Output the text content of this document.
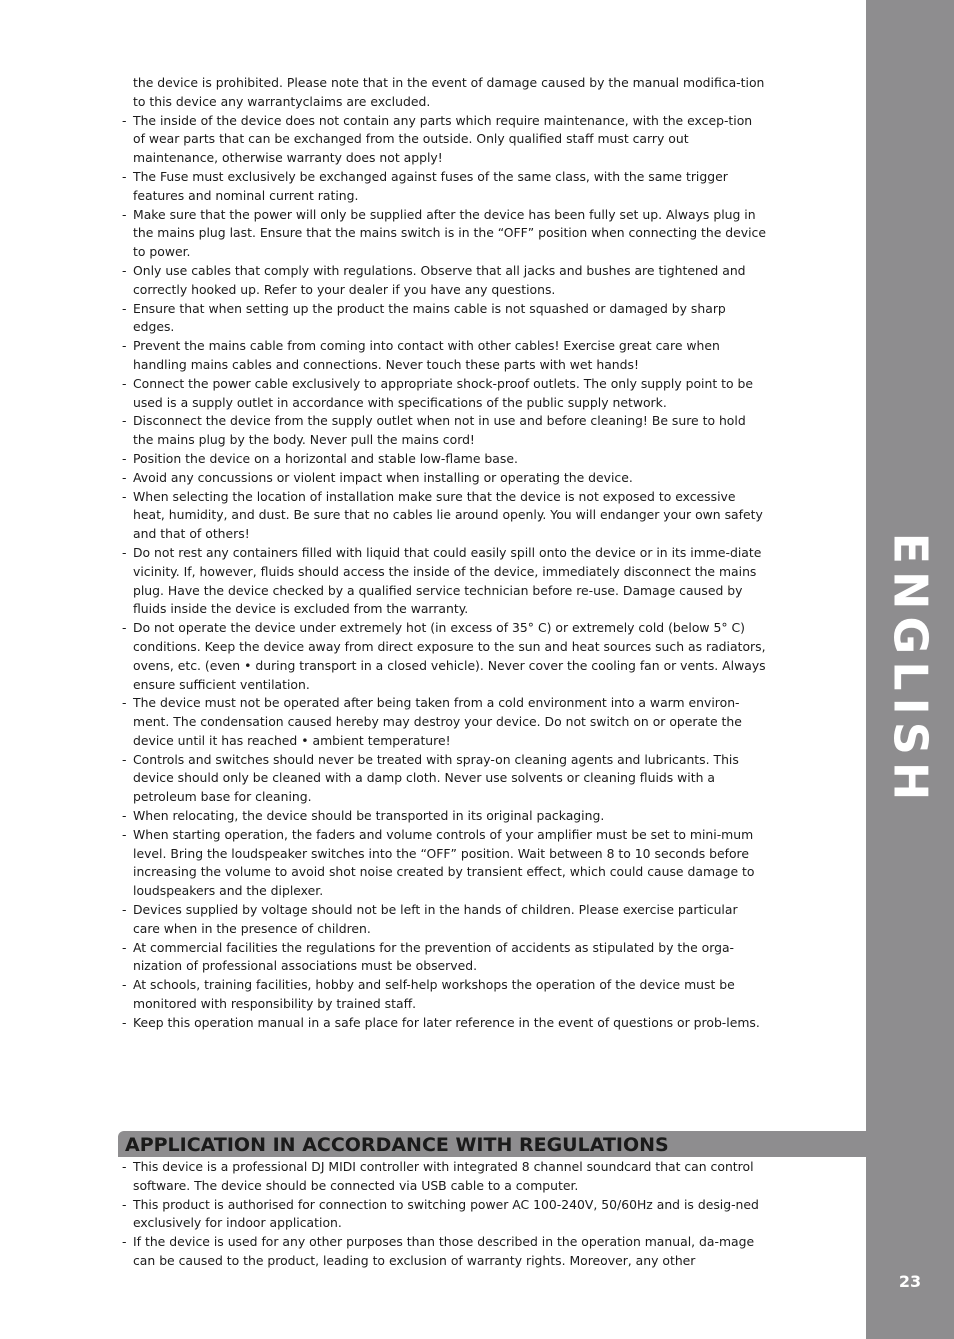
ENGLISH
23
the device is prohibited. Please note that in the event of damage caused by the manual modifica-tion to this device any warrantyclaims are excluded.
- The inside of the device does not contain any parts which require maintenance, with the excep-tion of wear parts that can be exchanged from the outside. Only qualified staff must carry out maintenance, otherwise warranty does not apply!
- The Fuse must exclusively be exchanged against fuses of the same class, with the same trigger features and nominal current rating.
- Make sure that the power will only be supplied after the device has been fully set up. Always plug in the mains plug last. Ensure that the mains switch is in the “OFF” position when connecting the device to power.
- Only use cables that comply with regulations. Observe that all jacks and bushes are tightened and correctly hooked up. Refer to your dealer if you have any questions.
- Ensure that when setting up the product the mains cable is not squashed or damaged by sharp edges.
- Prevent the mains cable from coming into contact with other cables! Exercise great care when handling mains cables and connections. Never touch these parts with wet hands!
- Connect the power cable exclusively to appropriate shock-proof outlets. The only supply point to be used is a supply outlet in accordance with specifications of the public supply network.
- Disconnect the device from the supply outlet when not in use and before cleaning! Be sure to hold the mains plug by the body. Never pull the mains cord!
- Position the device on a horizontal and stable low-flame base.
- Avoid any concussions or violent impact when installing or operating the device.
- When selecting the location of installation make sure that the device is not exposed to excessive heat, humidity, and dust. Be sure that no cables lie around openly. You will endanger your own safety and that of others!
- Do not rest any containers filled with liquid that could easily spill onto the device or in its imme-diate vicinity. If, however, fluids should access the inside of the device, immediately disconnect the mains plug. Have the device checked by a qualified service technician before re-use. Damage caused by fluids inside the device is excluded from the warranty.
- Do not operate the device under extremely hot (in excess of 35° C) or extremely cold (below 5° C) conditions. Keep the device away from direct exposure to the sun and heat sources such as radiators, ovens, etc. (even • during transport in a closed vehicle). Never cover the cooling fan or vents. Always ensure sufficient ventilation.
- The device must not be operated after being taken from a cold environment into a warm environ-ment. The condensation caused hereby may destroy your device. Do not switch on or operate the device until it has reached • ambient temperature!
- Controls and switches should never be treated with spray-on cleaning agents and lubricants. This device should only be cleaned with a damp cloth. Never use solvents or cleaning fluids with a petroleum base for cleaning.
- When relocating, the device should be transported in its original packaging.
- When starting operation, the faders and volume controls of your amplifier must be set to mini-mum level. Bring the loudspeaker switches into the “OFF” position. Wait between 8 to 10 seconds before increasing the volume to avoid shot noise created by transient effect, which could cause damage to loudspeakers and the diplexer.
- Devices supplied by voltage should not be left in the hands of children. Please exercise particular care when in the presence of children.
- At commercial facilities the regulations for the prevention of accidents as stipulated by the orga-nization of professional associations must be observed.
- At schools, training facilities, hobby and self-help workshops the operation of the device must be monitored with responsibility by trained staff.
- Keep this operation manual in a safe place for later reference in the event of questions or prob-lems.
APPLICATION IN ACCORDANCE WITH REGULATIONS
- This device is a professional DJ MIDI controller with integrated 8 channel soundcard that can control software. The device should be connected via USB cable to a computer.
- This product is authorised for connection to switching power AC 100-240V, 50/60Hz and is desig-ned exclusively for indoor application.
- If the device is used for any other purposes than those described in the operation manual, da-mage can be caused to the product, leading to exclusion of warranty rights. Moreover, any other
